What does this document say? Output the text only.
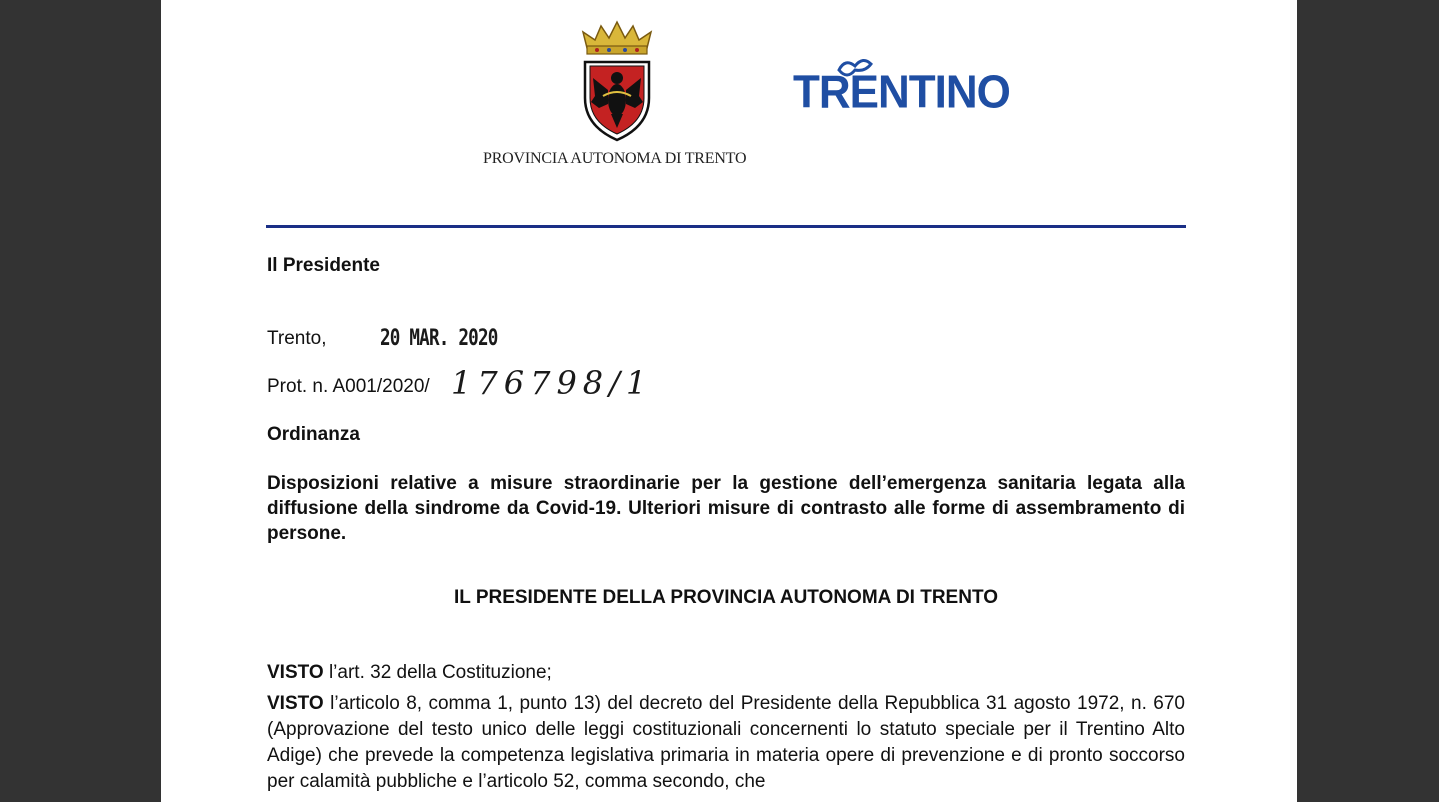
TRENTINO
PROVINCIA AUTONOMA DI TRENTO
Il Presidente
Trento, 20 MAR. 2020
Prot. n. A001/2020/ 176798/1
Ordinanza
Disposizioni relative a misure straordinarie per la gestione dell’emergenza sanitaria legata alla diffusione della sindrome da Covid-19. Ulteriori misure di contrasto alle forme di assembramento di persone.
IL PRESIDENTE DELLA PROVINCIA AUTONOMA DI TRENTO
VISTO l’art. 32 della Costituzione;
VISTO l’articolo 8, comma 1, punto 13) del decreto del Presidente della Repubblica 31 agosto 1972, n. 670 (Approvazione del testo unico delle leggi costituzionali concernenti lo statuto speciale per il Trentino Alto Adige) che prevede la competenza legislativa primaria in materia opere di prevenzione e di pronto soccorso per calamità pubbliche e l’articolo 52, comma secondo, che
